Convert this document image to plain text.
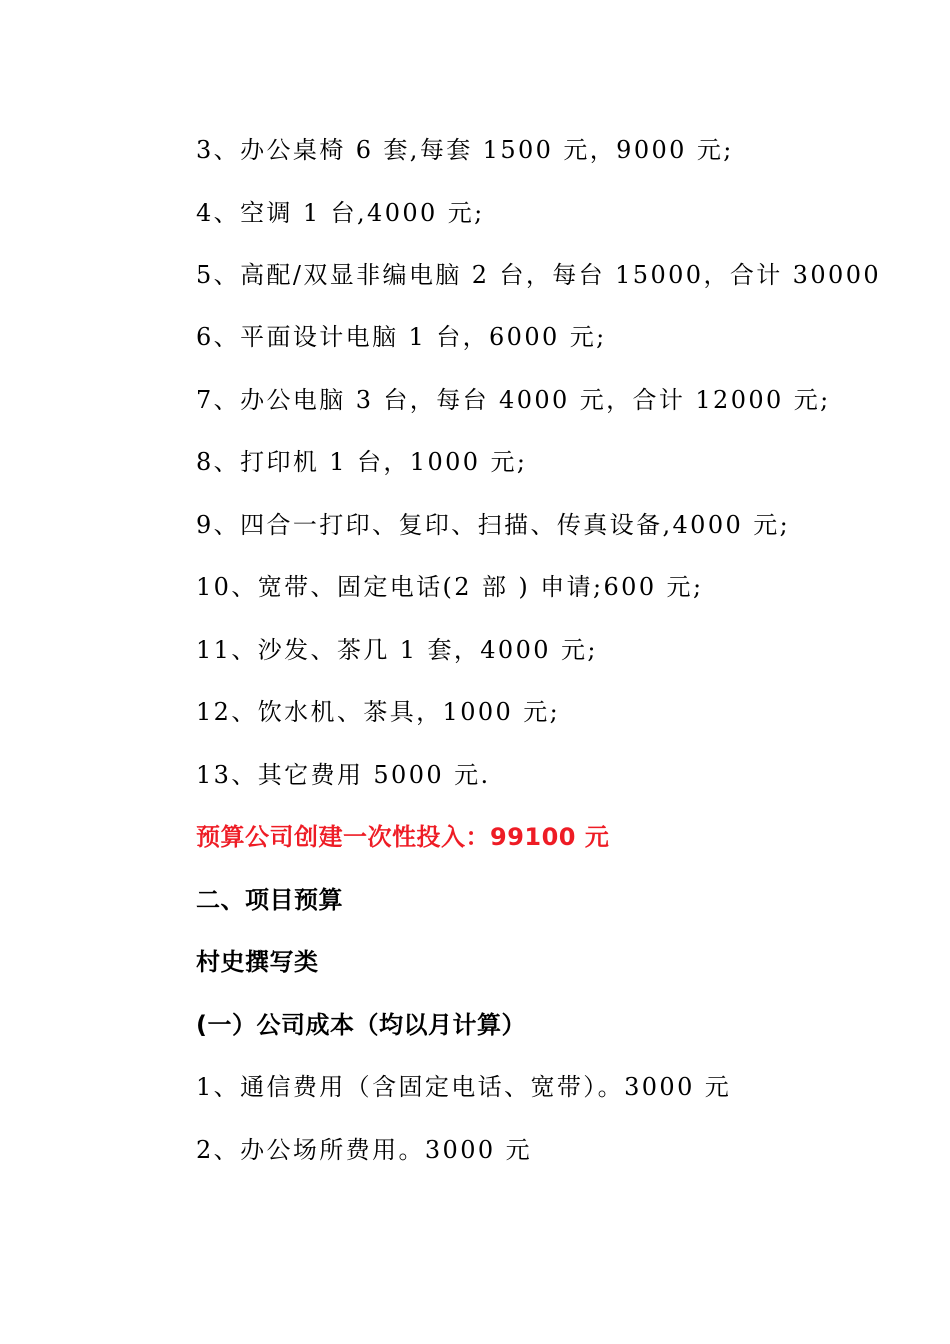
3、办公桌椅 6 套,每套 1500 元，9000 元;
4、空调 1 台,4000 元;
5、高配/双显非编电脑 2 台，每台 15000，合计 30000
6、平面设计电脑 1 台，6000 元;
7、办公电脑 3 台，每台 4000 元，合计 12000 元;
8、打印机 1 台，1000 元;
9、四合一打印、复印、扫描、传真设备,4000 元;
10、宽带、固定电话(2 部 ) 申请;600 元;
11、沙发、茶几 1 套，4000 元;
12、饮水机、茶具，1000 元;
13、其它费用 5000 元.
预算公司创建一次性投入：99100 元
二、项目预算
村史撰写类
(一）公司成本（均以月计算）
1、通信费用（含固定电话、宽带）。3000 元
2、办公场所费用。3000 元
